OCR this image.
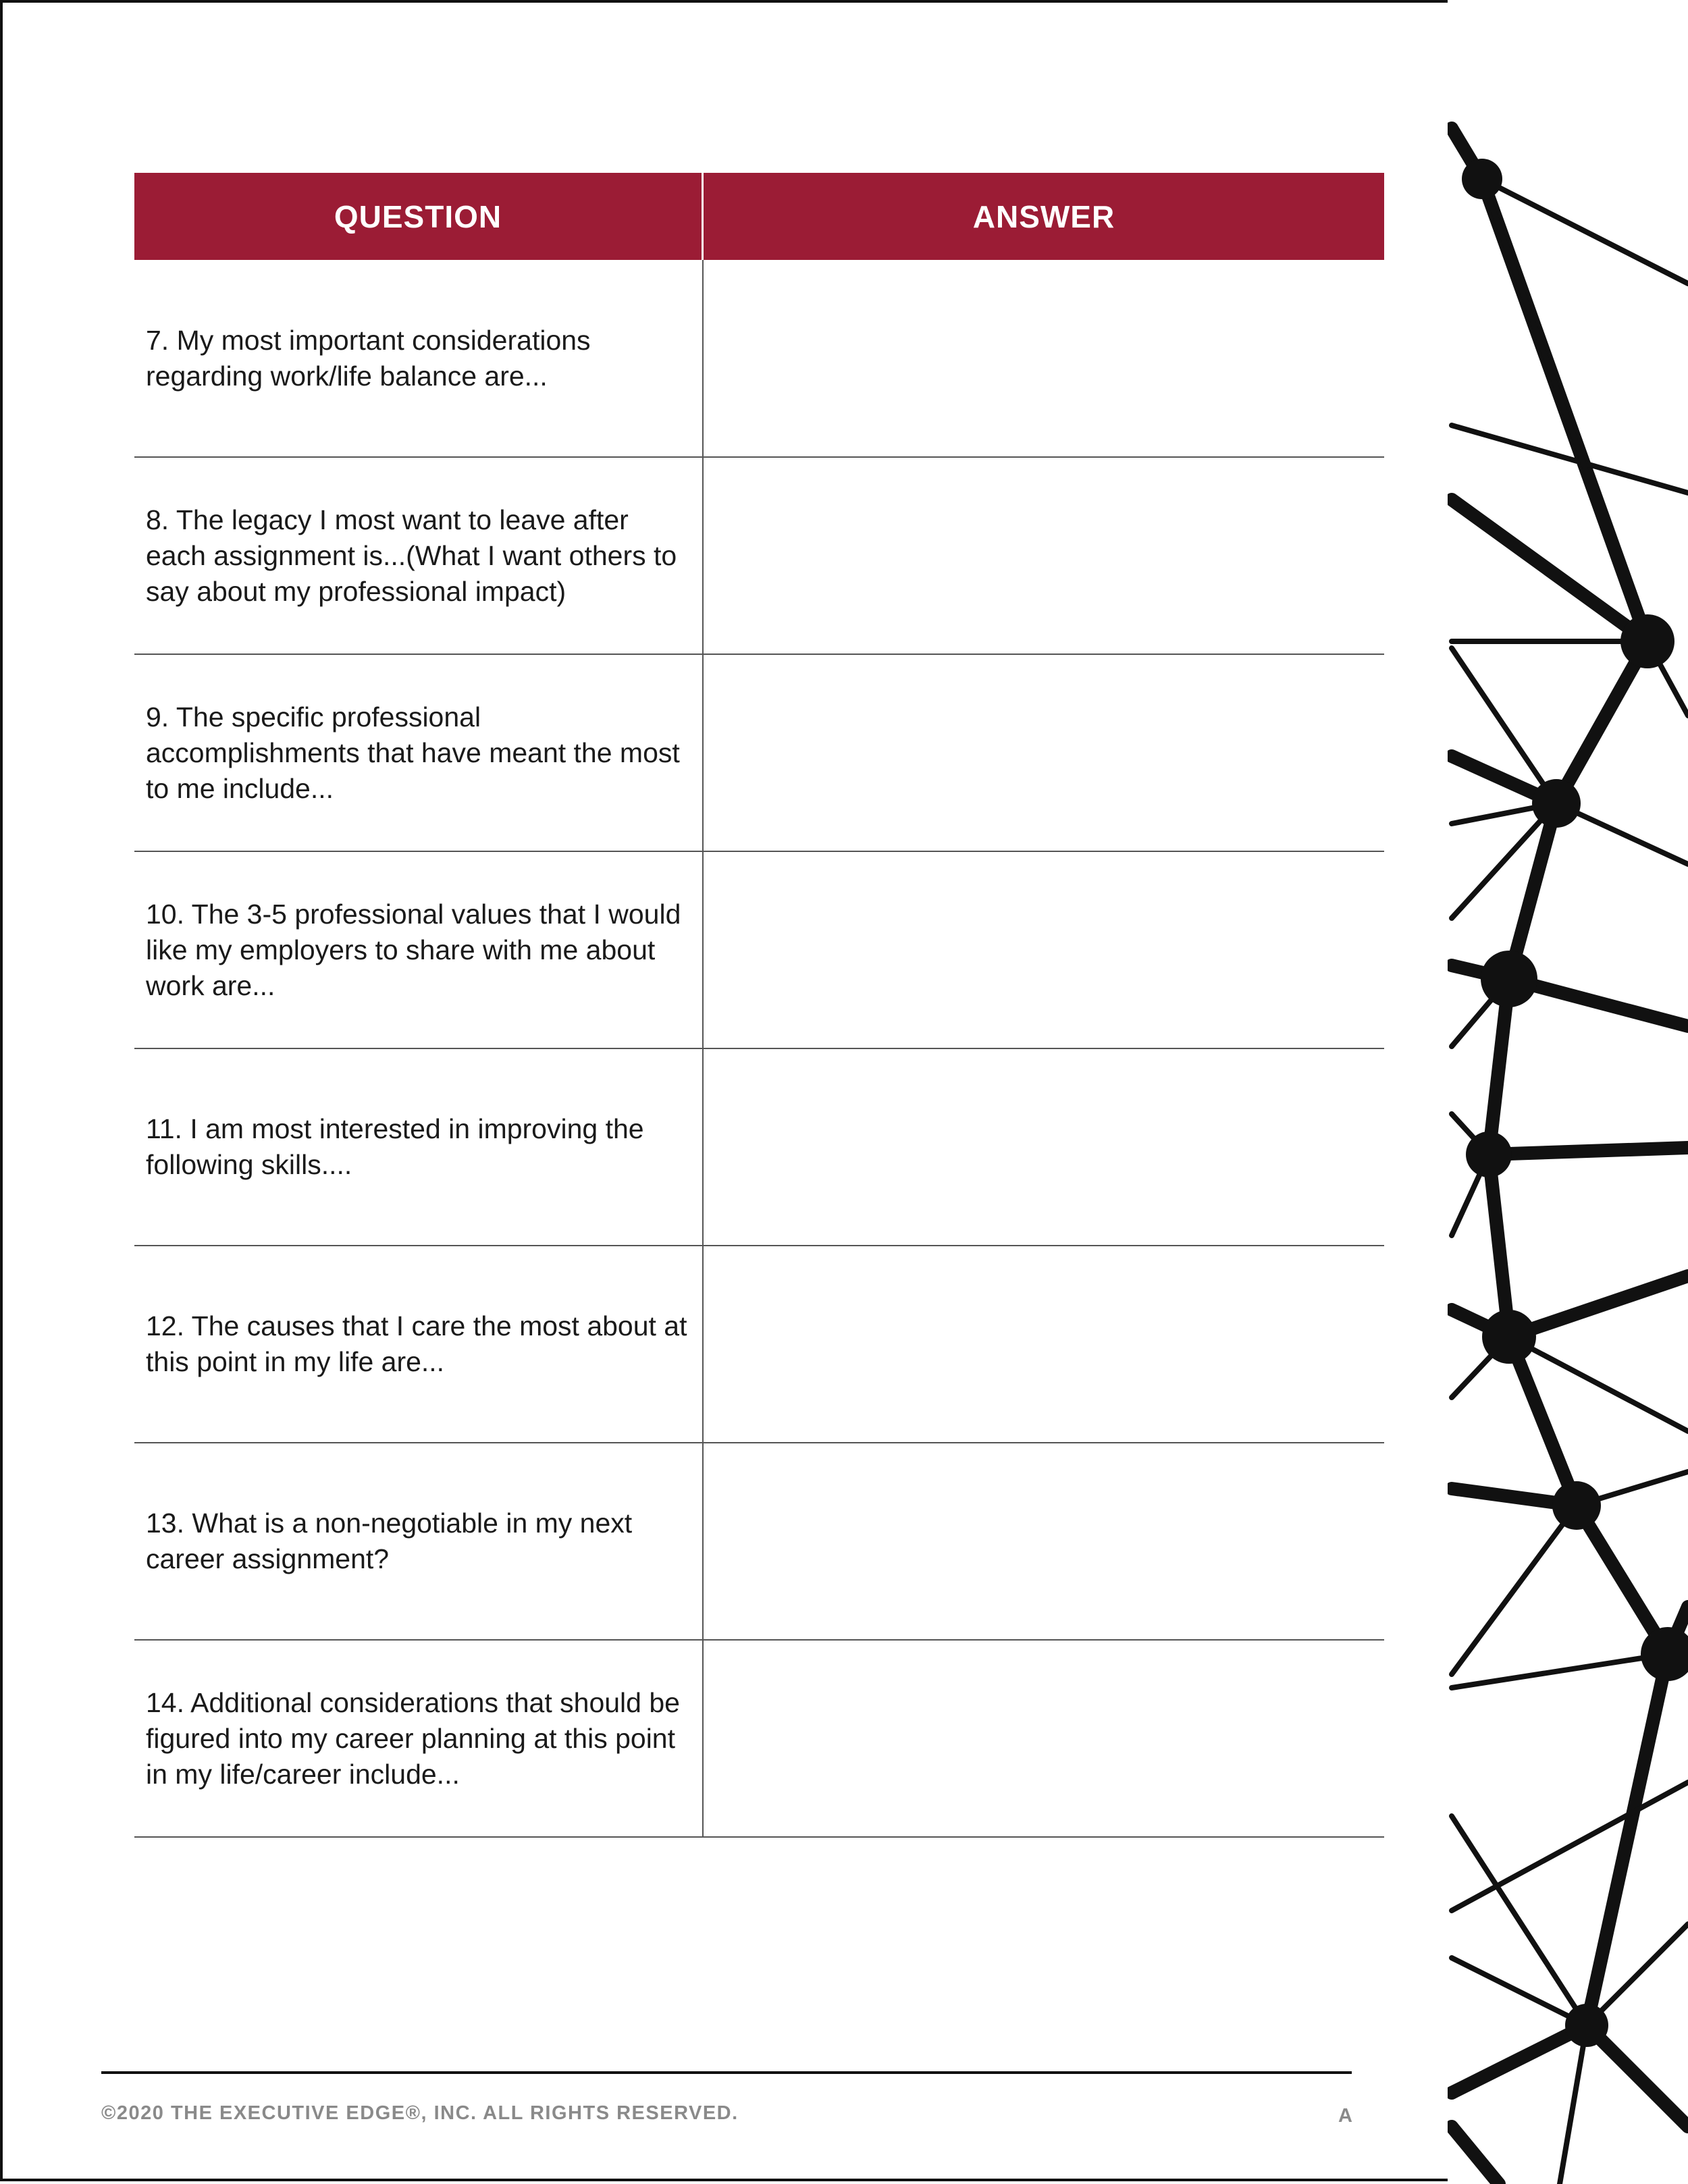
QUESTION	ANSWER
7. My most important considerations regarding work/life balance are...	
8. The legacy I most want to leave after each assignment is...(What I want others to say about my professional impact)	
9. The specific professional accomplishments that have meant the most to me include...	
10. The 3-5 professional values that I would like my employers to share with me about work are...	
11. I am most interested in improving the following skills....	
12. The causes that I care the most about at this point in my life are...	
13. What is a non-negotiable in my next career assignment?	
14. Additional considerations that should be figured into my career planning at this point in my life/career include...	
©2020 THE EXECUTIVE EDGE®, INC. ALL RIGHTS RESERVED.	A
